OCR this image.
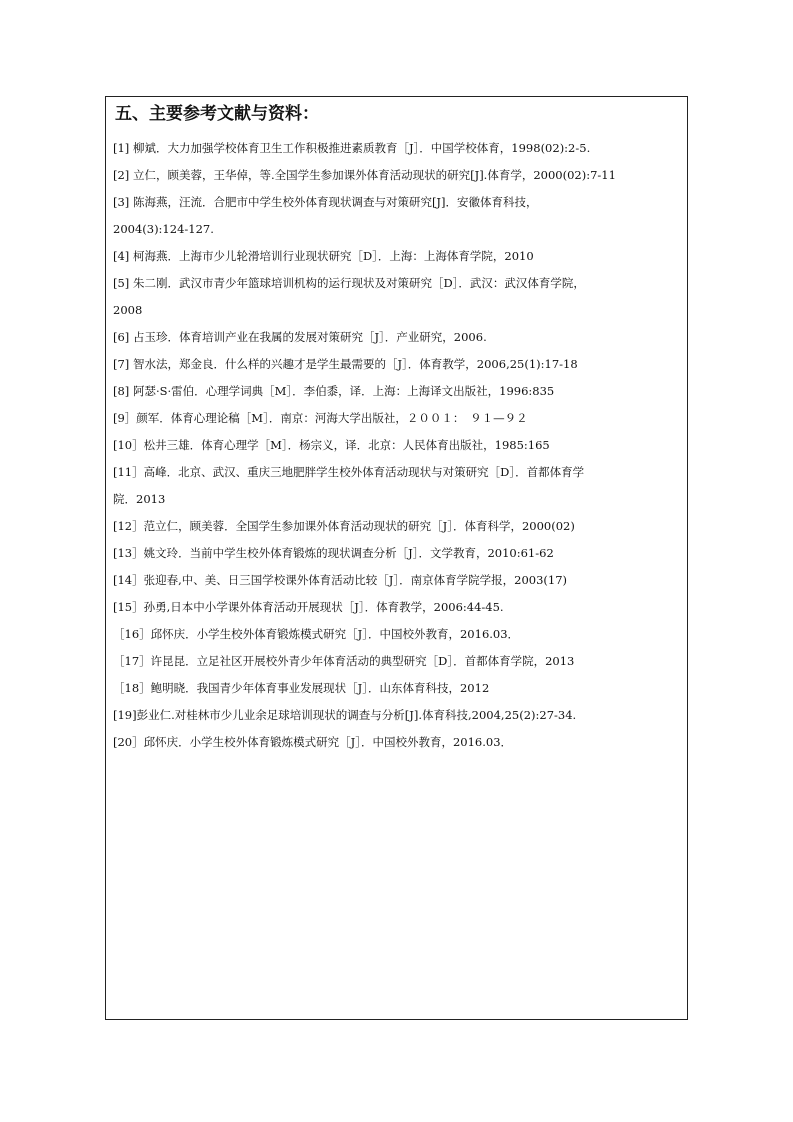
五、主要参考文献与资料：
[1] 柳斌．大力加强学校体育卫生工作积极推进素质教育［J］．中国学校体育，1998(02):2-5.
[2] 立仁，顾美蓉，王华倬，等.全国学生参加课外体育活动现状的研究[J].体育学，2000(02):7-11
[3] 陈海燕，汪流．合肥市中学生校外体育现状调查与对策研究[J]．安徽体育科技，
2004(3):124-127.
[4] 柯海燕．上海市少儿轮滑培训行业现状研究［D］．上海：上海体育学院，2010
[5] 朱二刚．武汉市青少年篮球培训机构的运行现状及对策研究［D］．武汉：武汉体育学院，
2008
[6] 占玉珍．体育培训产业在我属的发展对策研究［J］．产业研究，2006.
[7] 智水法，郑金良．什么样的兴趣才是学生最需要的［J］．体育教学，2006,25(1):17-18
[8] 阿瑟·S·雷伯．心理学词典［M］．李伯黍，译．上海：上海译文出版社，1996:835
[9］颜军．体育心理论稿［M］．南京：河海大学出版社，２００１：　９１—９２
[10］松井三雄．体育心理学［M］．杨宗义，译．北京：人民体育出版社，1985:165
[11］高峰．北京、武汉、重庆三地肥胖学生校外体育活动现状与对策研究［D］．首都体育学
院．2013
[12］范立仁，顾美蓉．全国学生参加课外体育活动现状的研究［J］．体育科学，2000(02)
[13］姚文玲．当前中学生校外体育锻炼的现状调查分析［J］．文学教育，2010:61-62
[14］张迎春,中、美、日三国学校课外体育活动比较［J］．南京体育学院学报，2003(17)
[15］孙勇,日本中小学课外体育活动开展现状［J］．体育教学，2006:44-45.
［16］邱怀庆．小学生校外体育锻炼模式研究［J］．中国校外教育，2016.03．
［17］许昆昆．立足社区开展校外青少年体育活动的典型研究［D］．首都体育学院，2013
［18］鲍明晓．我国青少年体育事业发展现状［J］．山东体育科技，2012
[19]彭业仁.对桂林市少儿业余足球培训现状的调查与分析[J].体育科技,2004,25(2):27-34.
[20］邱怀庆．小学生校外体育锻炼模式研究［J］．中国校外教育，2016.03．
